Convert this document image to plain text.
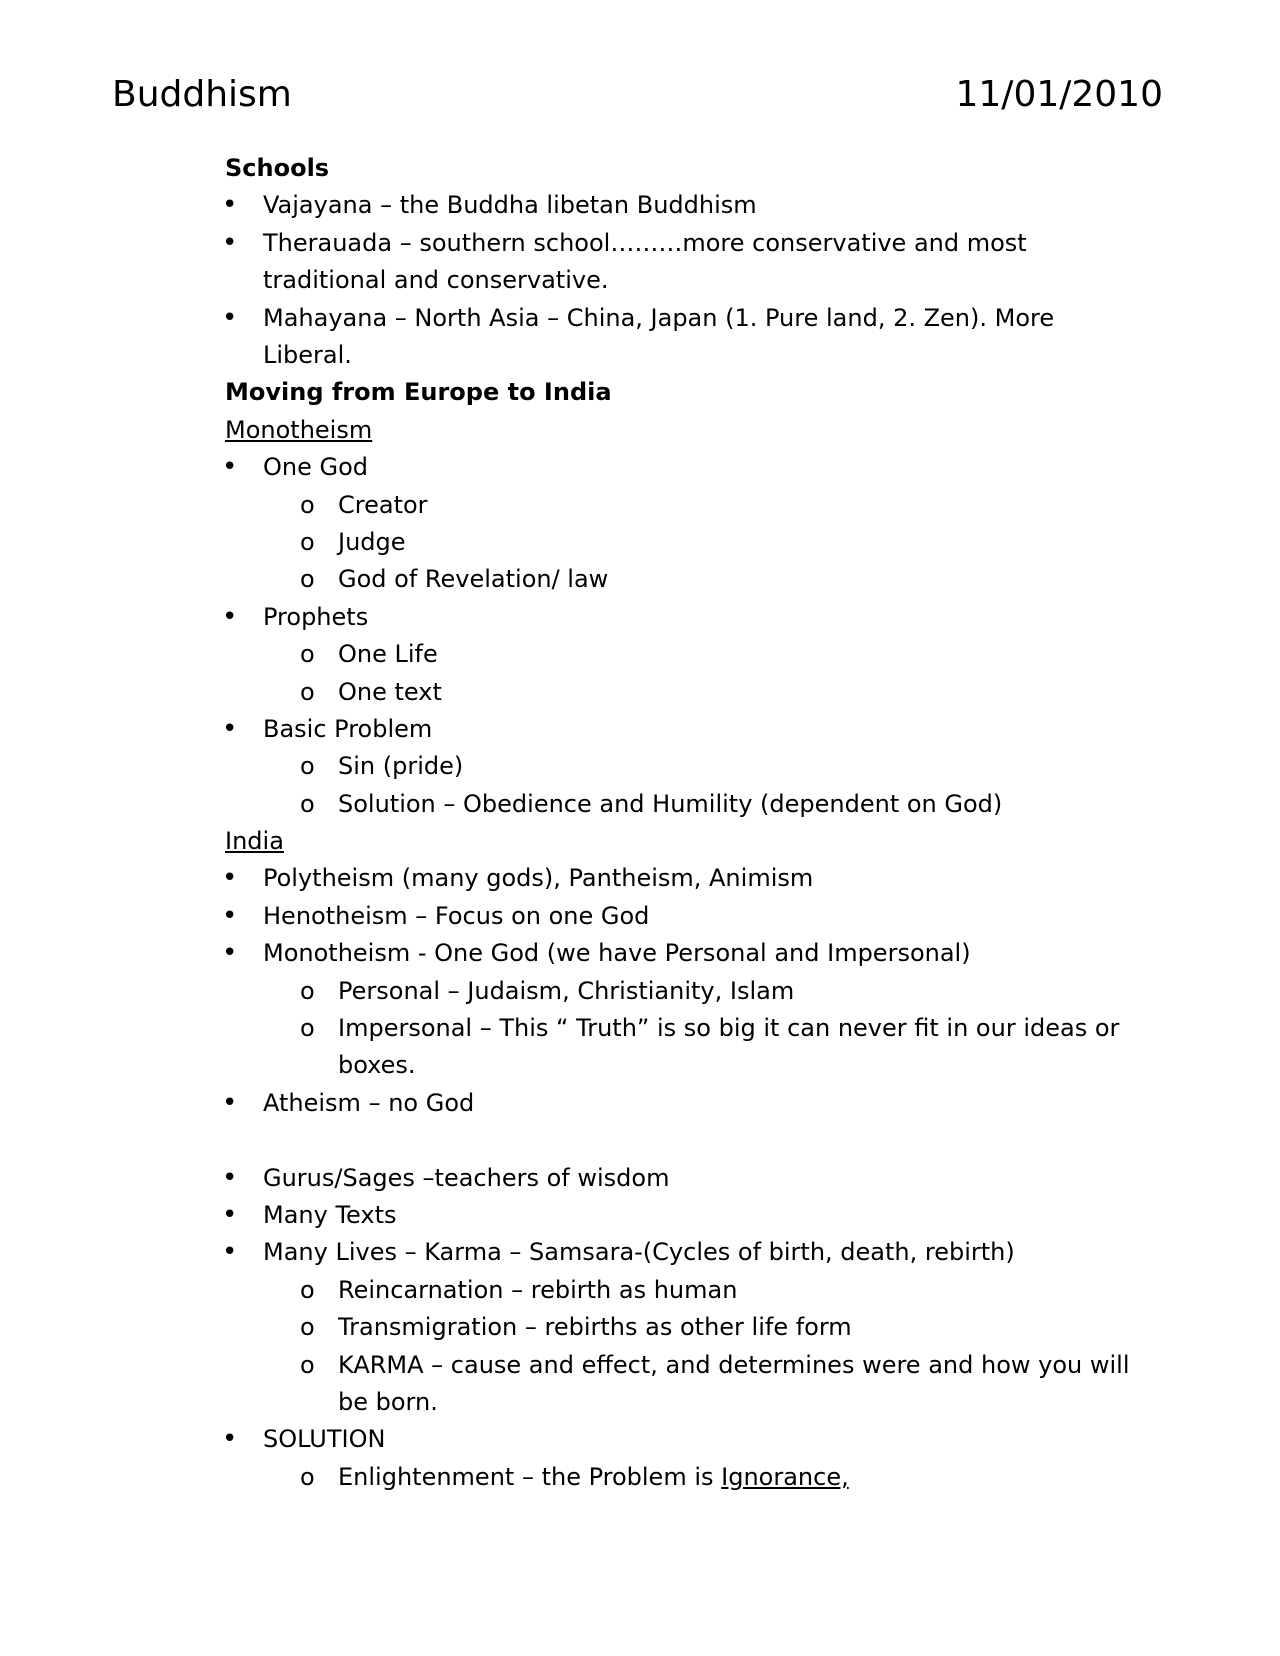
Buddhism	11/01/2010
Schools
• Vajayana – the Buddha libetan Buddhism
• Therauada – southern school………more conservative and most traditional and conservative.
• Mahayana – North Asia – China, Japan (1. Pure land, 2. Zen). More Liberal.
Moving from Europe to India
Monotheism
• One God
o Creator
o Judge
o God of Revelation/ law
• Prophets
o One Life
o One text
• Basic Problem
o Sin (pride)
o Solution – Obedience and Humility (dependent on God)
India
• Polytheism (many gods), Pantheism, Animism
• Henotheism – Focus on one God
• Monotheism - One God (we have Personal and Impersonal)
o Personal – Judaism, Christianity, Islam
o Impersonal – This “ Truth” is so big it can never fit in our ideas or boxes.
• Atheism – no God
• Gurus/Sages –teachers of wisdom
• Many Texts
• Many Lives – Karma – Samsara-(Cycles of birth, death, rebirth)
o Reincarnation – rebirth as human
o Transmigration – rebirths as other life form
o KARMA – cause and effect, and determines were and how you will be born.
• SOLUTION
o Enlightenment – the Problem is Ignorance,
